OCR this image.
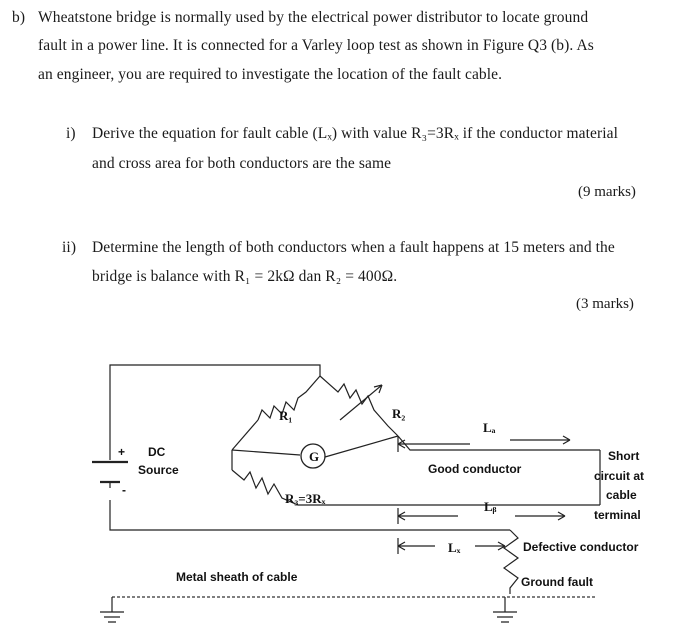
b) Wheatstone bridge is normally used by the electrical power distributor to locate ground
fault in a power line. It is connected for a Varley loop test as shown in Figure Q3 (b). As
an engineer, you are required to investigate the location of the fault cable.
i) Derive the equation for fault cable (Lₓ) with value R₃=3Rₓ if the conductor material
and cross area for both conductors are the same
(9 marks)
ii) Determine the length of both conductors when a fault happens at 15 meters and the
bridge is balance with R₁ = 2kΩ dan R₂ = 400Ω.
(3 marks)
R₁	R₂
G
R₃=3Rₓ
+
-
DC
Source
Lₐ
Lᵦ
Lₓ
Good conductor
Short
circuit at
cable
terminal
Defective conductor
Metal sheath of cable	Ground fault
